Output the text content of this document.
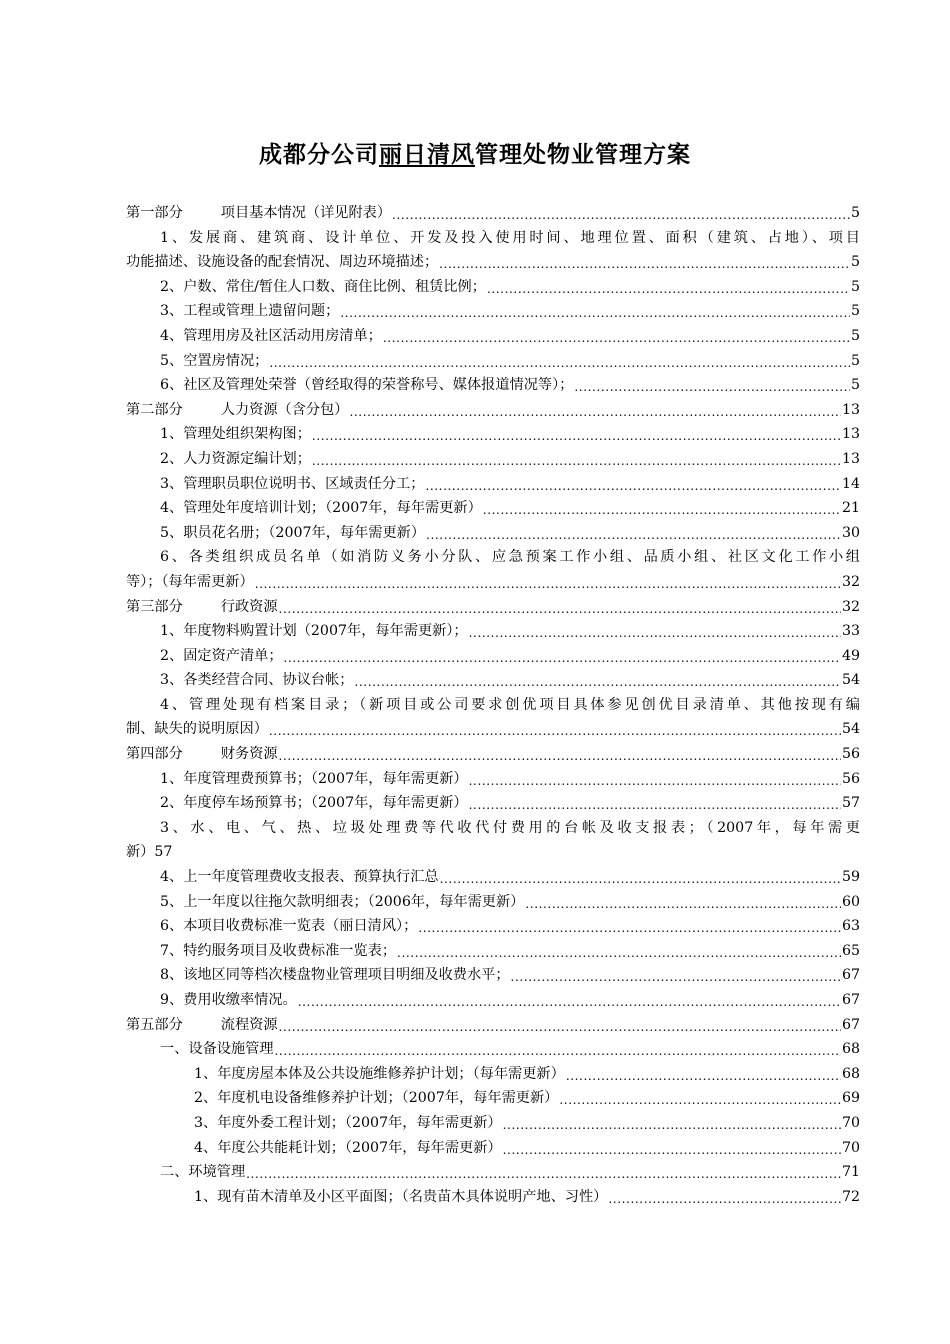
成都分公司丽日清风管理处物业管理方案
第一部分	项目基本情况（详见附表） .....	5
1、发展商、建筑商、设计单位、开发及投入使用时间、地理位置、面积（建筑、占地）、项目
功能描述、设施设备的配套情况、周边环境描述； .....	5
2、户数、常住/暂住人口数、商住比例、租赁比例； .....	5
3、工程或管理上遗留问题； .....	5
4、管理用房及社区活动用房清单； .....	5
5、空置房情况； .....	5
6、社区及管理处荣誉（曾经取得的荣誉称号、媒体报道情况等）； .....	5
第二部分	人力资源（含分包） .....	13
1、管理处组织架构图； .....	13
2、人力资源定编计划； .....	13
3、管理职员职位说明书、区域责任分工； .....	14
4、管理处年度培训计划；（2007年，每年需更新） .....	21
5、职员花名册；（2007年，每年需更新） .....	30
6、各类组织成员名单（如消防义务小分队、应急预案工作小组、品质小组、社区文化工作小组
等）；（每年需更新） .....	32
第三部分	行政资源 .....	32
1、年度物料购置计划（2007年，每年需更新）； .....	33
2、固定资产清单； .....	49
3、各类经营合同、协议台帐； .....	54
4、管理处现有档案目录；（新项目或公司要求创优项目具体参见创优目录清单、其他按现有编
制、缺失的说明原因） .....	54
第四部分	财务资源 .....	56
1、年度管理费预算书；（2007年，每年需更新） .....	56
2、年度停车场预算书；（2007年，每年需更新） .....	57
3、水、电、气、热、垃圾处理费等代收代付费用的台帐及收支报表；（2007年，每年需更
新）57
4、上一年度管理费收支报表、预算执行汇总 .....	59
5、上一年度以往拖欠款明细表；（2006年，每年需更新） .....	60
6、本项目收费标准一览表（丽日清风）； .....	63
7、特约服务项目及收费标准一览表； .....	65
8、该地区同等档次楼盘物业管理项目明细及收费水平； .....	67
9、费用收缴率情况。 .....	67
第五部分	流程资源 .....	67
一、设备设施管理 .....	68
1、年度房屋本体及公共设施维修养护计划；（每年需更新） .....	68
2、年度机电设备维修养护计划；（2007年，每年需更新） .....	69
3、年度外委工程计划；（2007年，每年需更新） .....	70
4、年度公共能耗计划；（2007年，每年需更新） .....	70
二、环境管理 .....	71
1、现有苗木清单及小区平面图；（名贵苗木具体说明产地、习性） .....	72
